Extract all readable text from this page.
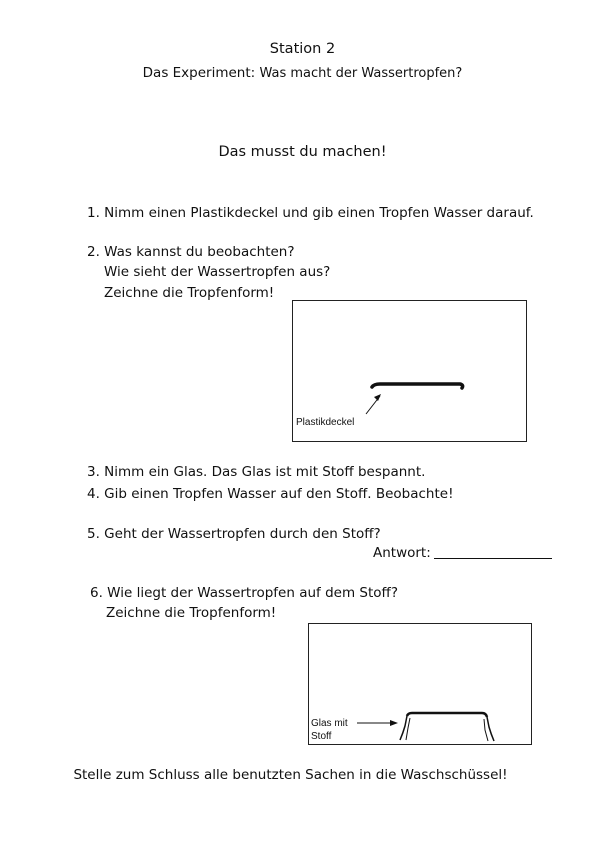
Station 2
Das Experiment: Was macht der Wassertropfen?
Das musst du machen!
1. Nimm einen Plastikdeckel und gib einen Tropfen Wasser darauf.
2. Was kannst du beobachten?
Wie sieht der Wassertropfen aus?
Zeichne die Tropfenform!
Plastikdeckel
3. Nimm ein Glas. Das Glas ist mit Stoff bespannt.
4. Gib einen Tropfen Wasser auf den Stoff. Beobachte!
5. Geht der Wassertropfen durch den Stoff?
Antwort:
6. Wie liegt der Wassertropfen auf dem Stoff?
Zeichne die Tropfenform!
Glas mit
Stoff
Stelle zum Schluss alle benutzten Sachen in die Waschschüssel!
